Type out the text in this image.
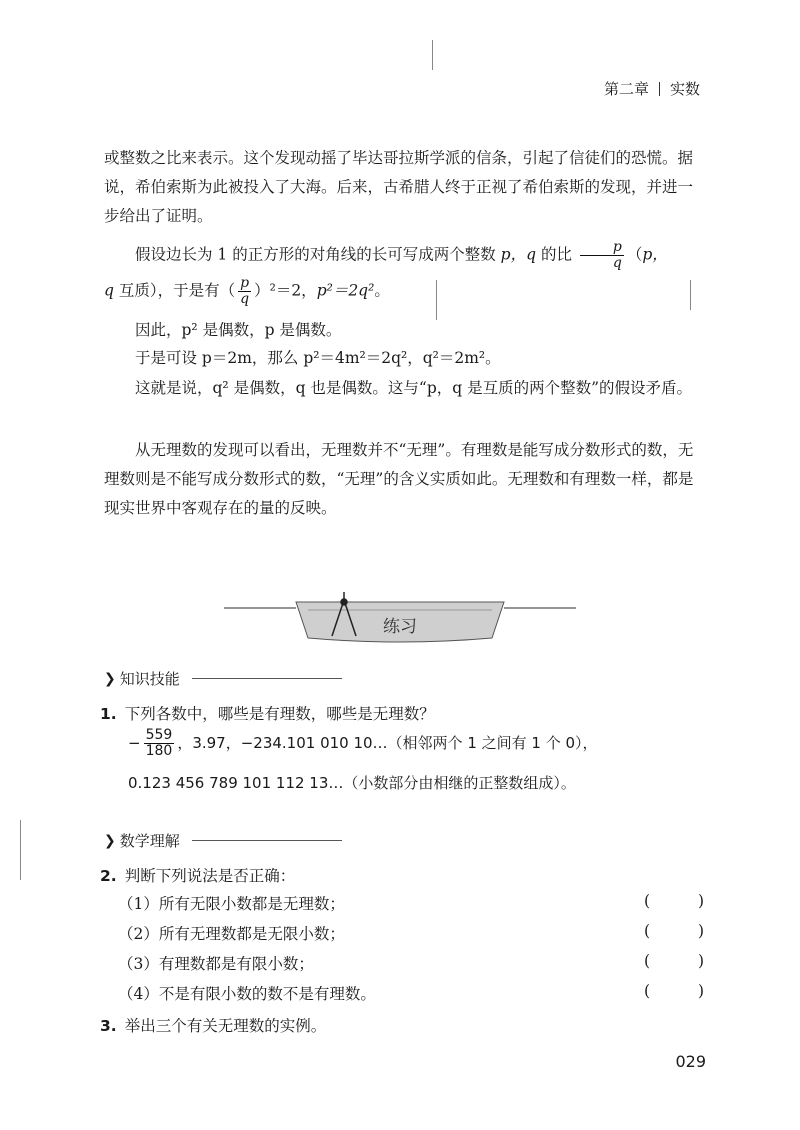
第二章 实数
或整数之比来表示。这个发现动摇了毕达哥拉斯学派的信条，引起了信徒们的恐慌。据说，希伯索斯为此被投入了大海。后来，古希腊人终于正视了希伯索斯的发现，并进一步给出了证明。
假设边长为 1 的正方形的对角线的长可写成两个整数 p，q 的比 $\frac{p}{q} (p$，
q 互质），于是有（ $\frac{p}{q} )^2=2$，p²＝2q²。
因此，p² 是偶数，p 是偶数。
于是可设 p＝2m，那么 p²＝4m²＝2q²，q²＝2m²。
这就是说，q² 是偶数，q 也是偶数。这与“p，q 是互质的两个整数”的假设矛盾。
从无理数的发现可以看出，无理数并不“无理”。有理数是能写成分数形式的数，无理数则是不能写成分数形式的数，“无理”的含义实质如此。无理数和有理数一样，都是现实世界中客观存在的量的反映。
练习
❯ 知识技能
1. 下列各数中，哪些是有理数，哪些是无理数？
− $\frac{559}{180}$ ，3.97，−234.101 010 10…（相邻两个 1 之间有 1 个 0），
0.123 456 789 101 112 13…（小数部分由相继的正整数组成）。
❯ 数学理解
2. 判断下列说法是否正确：
（1）所有无限小数都是无理数；	(	)
（2）所有无理数都是无限小数；	(	)
（3）有理数都是有限小数；	(	)
（4）不是有限小数的数不是有理数。	(	)
3. 举出三个有关无理数的实例。
029
